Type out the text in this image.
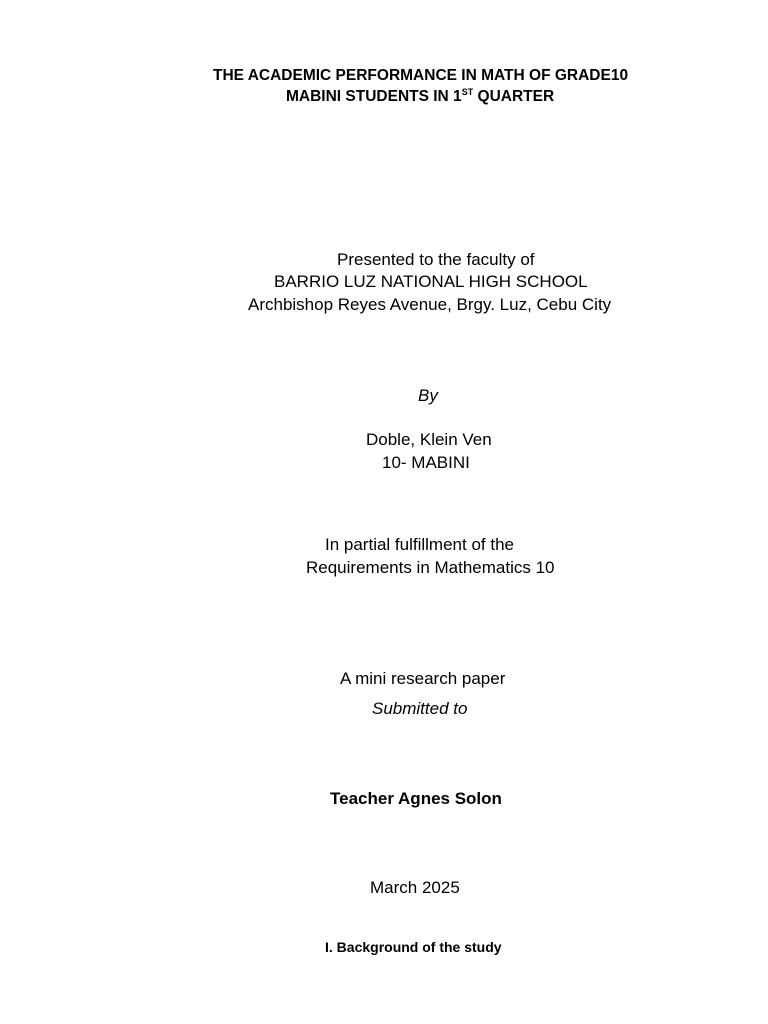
THE ACADEMIC PERFORMANCE IN MATH OF GRADE10
MABINI STUDENTS IN 1ST QUARTER
Presented to the faculty of
BARRIO LUZ NATIONAL HIGH SCHOOL
Archbishop Reyes Avenue, Brgy. Luz, Cebu City
By
Doble, Klein Ven
10- MABINI
In partial fulfillment of the
Requirements in Mathematics 10
A mini research paper
Submitted to
Teacher Agnes Solon
March 2025
I. Background of the study
